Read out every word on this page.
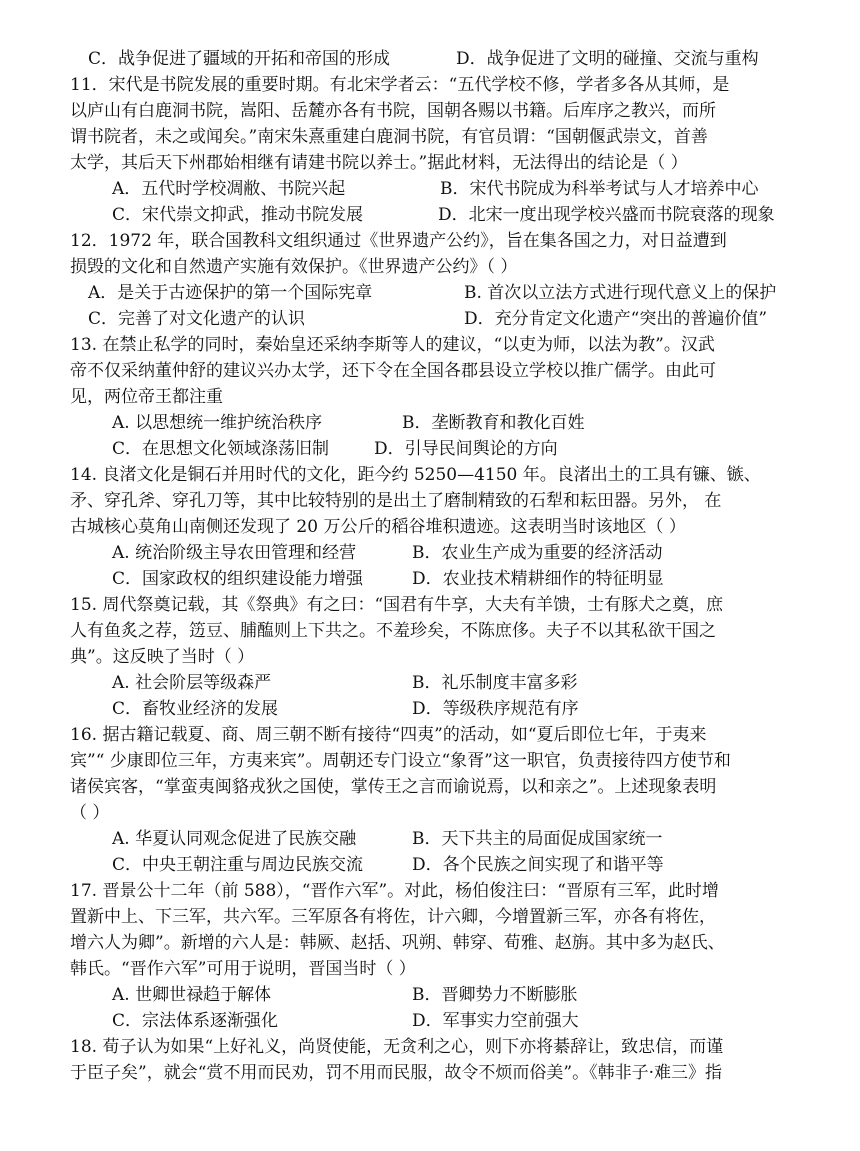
C．战争促进了疆域的开拓和帝国的形成	D．战争促进了文明的碰撞、交流与重构
11．宋代是书院发展的重要时期。有北宋学者云：“五代学校不修，学者多各从其师，是
以庐山有白鹿洞书院，嵩阳、岳麓亦各有书院，国朝各赐以书籍。后库序之教兴，而所
谓书院者，未之或闻矣。”南宋朱熹重建白鹿洞书院，有官员谓：“国朝偃武崇文，首善
太学，其后天下州郡始相继有请建书院以养士。”据此材料，无法得出的结论是（ ）
A．五代时学校凋敝、书院兴起	B．宋代书院成为科举考试与人才培养中心
C．宋代崇文抑武，推动书院发展	D．北宋一度出现学校兴盛而书院衰落的现象
12．1972 年，联合国教科文组织通过《世界遗产公约》，旨在集各国之力，对日益遭到
损毁的文化和自然遗产实施有效保护。《世界遗产公约》（ ）
A．是关于古迹保护的第一个国际宪章	B. 首次以立法方式进行现代意义上的保护
C．完善了对文化遗产的认识	D．充分肯定文化遗产“突出的普遍价值”
13. 在禁止私学的同时，秦始皇还采纳李斯等人的建议，“以吏为师，以法为教”。汉武
帝不仅采纳董仲舒的建议兴办太学，还下令在全国各郡县设立学校以推广儒学。由此可
见，两位帝王都注重
A. 以思想统一维护统治秩序	B．垄断教育和教化百姓
C．在思想文化领域涤荡旧制	D．引导民间舆论的方向
14. 良渚文化是铜石并用时代的文化，距今约 5250—4150 年。良渚出土的工具有镰、镞、
矛、穿孔斧、穿孔刀等，其中比较特别的是出土了磨制精致的石犁和耘田器。另外， 在
古城核心莫角山南侧还发现了 20 万公斤的稻谷堆积遗迹。这表明当时该地区（ ）
A. 统治阶级主导农田管理和经营	B．农业生产成为重要的经济活动
C．国家政权的组织建设能力增强	D．农业技术精耕细作的特征明显
15. 周代祭奠记载，其《祭典》有之曰：“国君有牛享，大夫有羊馈，士有豚犬之奠，庶
人有鱼炙之荐，笾豆、脯醢则上下共之。不羞珍矣，不陈庶侈。夫子不以其私欲干国之
典”。这反映了当时（ ）
A. 社会阶层等级森严	B．礼乐制度丰富多彩
C．畜牧业经济的发展	D．等级秩序规范有序
16. 据古籍记载夏、商、周三朝不断有接待“四夷”的活动，如“夏后即位七年，于夷来
宾”“ 少康即位三年，方夷来宾”。周朝还专门设立“象胥”这一职官，负责接待四方使节和
诸侯宾客，“掌蛮夷闽貉戎狄之国使，掌传王之言而谕说焉，以和亲之”。上述现象表明
（ ）
A. 华夏认同观念促进了民族交融	B．天下共主的局面促成国家统一
C．中央王朝注重与周边民族交流	D．各个民族之间实现了和谐平等
17. 晋景公十二年（前 588），“晋作六军”。对此，杨伯俊注曰：“晋原有三军，此时增
置新中上、下三军，共六军。三军原各有将佐，计六卿，今增置新三军，亦各有将佐，
增六人为卿”。新增的六人是：韩厥、赵括、巩朔、韩穿、荀雅、赵旃。其中多为赵氏、
韩氏。“晋作六军”可用于说明，晋国当时（ ）
A. 世卿世禄趋于解体	B．晋卿势力不断膨胀
C．宗法体系逐渐强化	D．军事实力空前强大
18. 荀子认为如果“上好礼义，尚贤使能，无贪利之心，则下亦将綦辞让，致忠信，而谨
于臣子矣”，就会“赏不用而民劝，罚不用而民服，故令不烦而俗美”。《韩非子·难三》指
